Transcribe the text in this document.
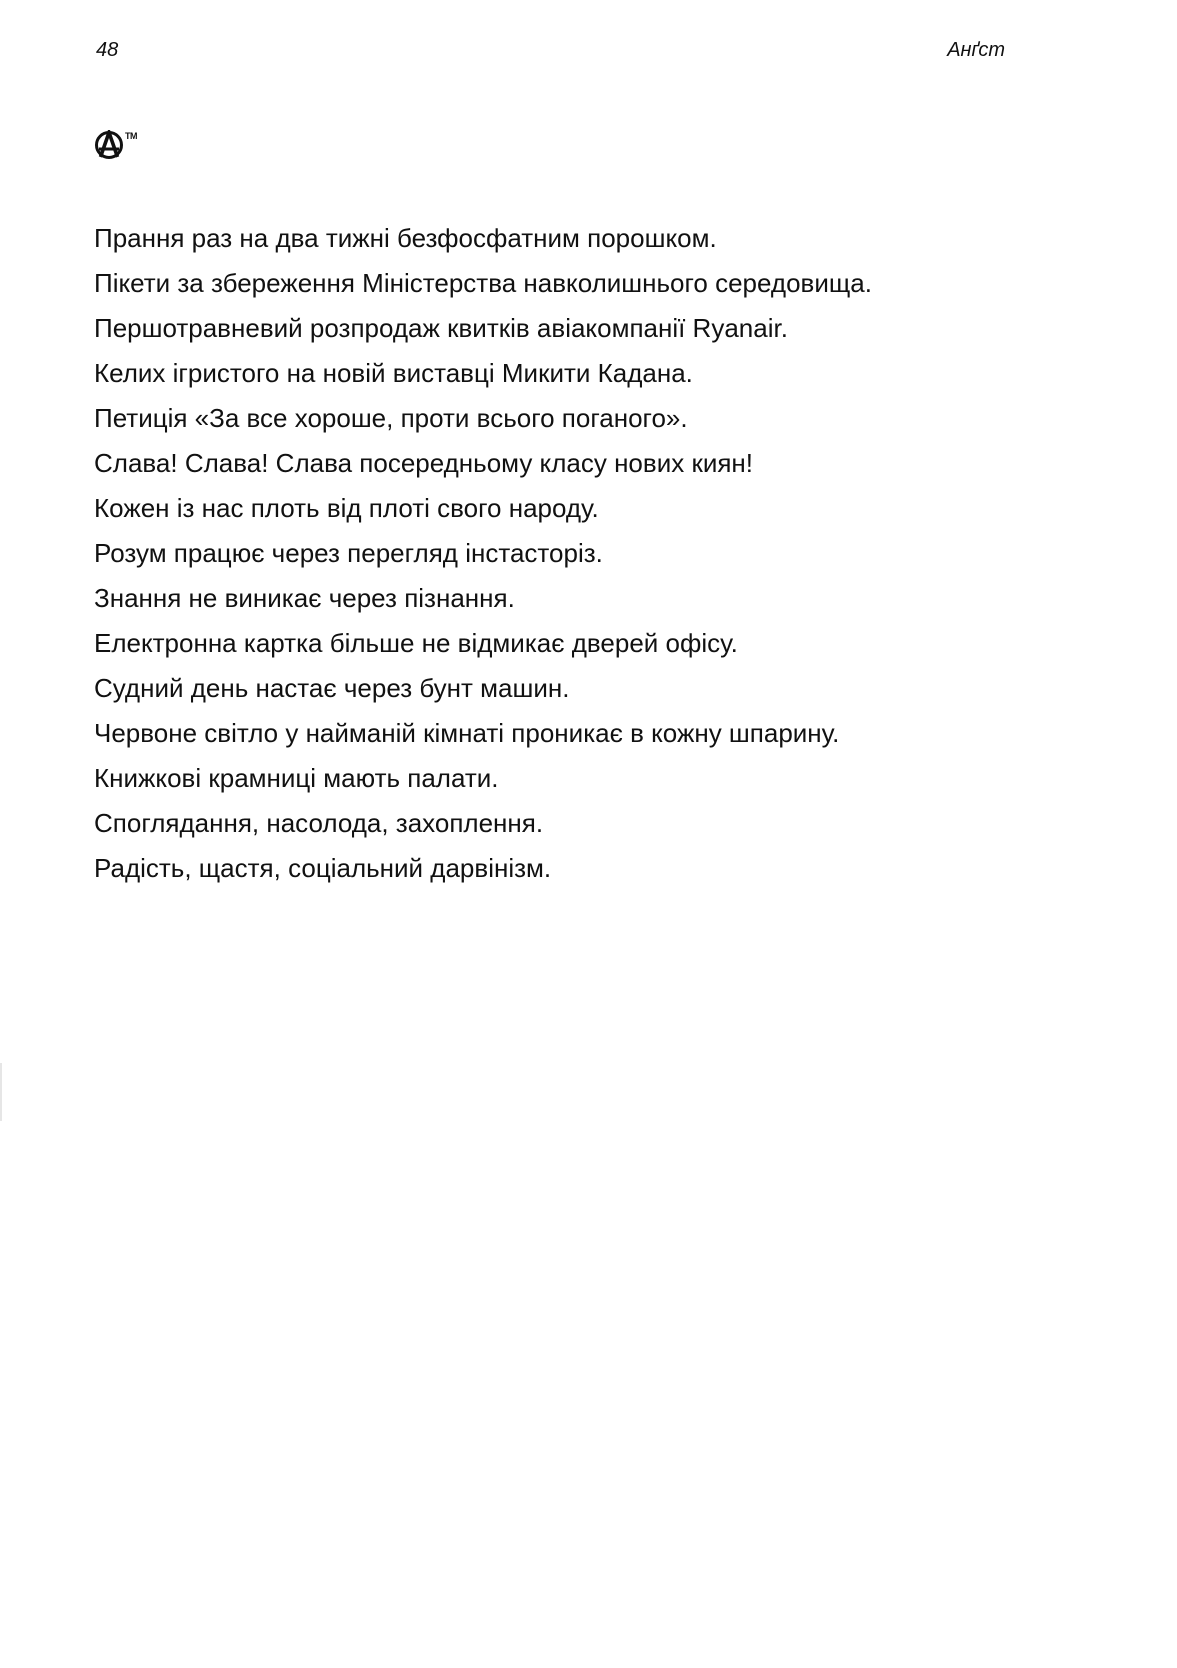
48	Анґст
TM
Прання раз на два тижні безфосфатним порошком.
Пікети за збереження Міністерства навколишнього середовища.
Першотравневий розпродаж квитків авіакомпанії Ryanair.
Келих ігристого на новій виставці Микити Кадана.
Петиція «За все хороше, проти всього поганого».
Слава! Слава! Слава посередньому класу нових киян!
Кожен із нас плоть від плоті свого народу.
Розум працює через перегляд інстасторіз.
Знання не виникає через пізнання.
Електронна картка більше не відмикає дверей офісу.
Судний день настає через бунт машин.
Червоне світло у найманій кімнаті проникає в кожну шпарину.
Книжкові крамниці мають палати.
Споглядання, насолода, захоплення.
Радість, щастя, соціальний дарвінізм.
